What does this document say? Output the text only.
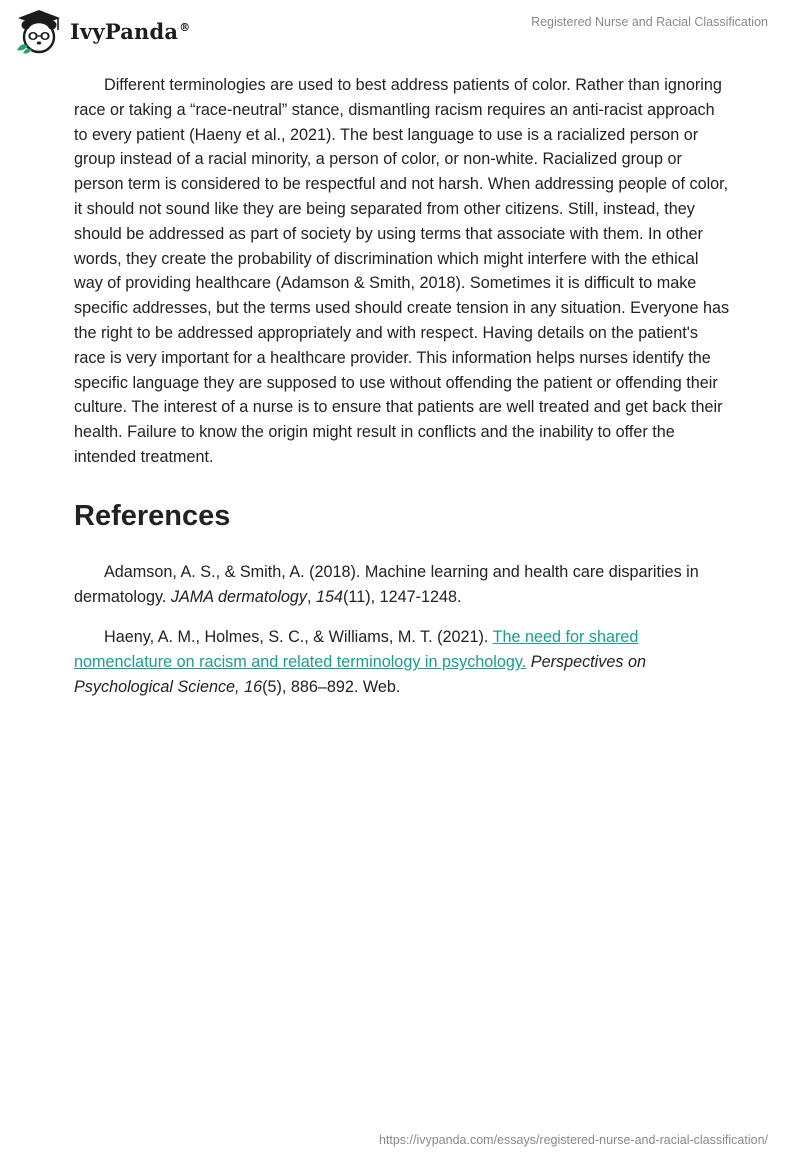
IvyPanda®	Registered Nurse and Racial Classification

Different terminologies are used to best address patients of color. Rather than ignoring race or taking a “race-neutral” stance, dismantling racism requires an anti-racist approach to every patient (Haeny et al., 2021). The best language to use is a racialized person or group instead of a racial minority, a person of color, or non-white. Racialized group or person term is considered to be respectful and not harsh. When addressing people of color, it should not sound like they are being separated from other citizens. Still, instead, they should be addressed as part of society by using terms that associate with them. In other words, they create the probability of discrimination which might interfere with the ethical way of providing healthcare (Adamson & Smith, 2018). Sometimes it is difficult to make specific addresses, but the terms used should create tension in any situation. Everyone has the right to be addressed appropriately and with respect. Having details on the patient's race is very important for a healthcare provider. This information helps nurses identify the specific language they are supposed to use without offending the patient or offending their culture. The interest of a nurse is to ensure that patients are well treated and get back their health. Failure to know the origin might result in conflicts and the inability to offer the intended treatment.

References

Adamson, A. S., & Smith, A. (2018). Machine learning and health care disparities in dermatology. JAMA dermatology, 154(11), 1247-1248.

Haeny, A. M., Holmes, S. C., & Williams, M. T. (2021). The need for shared nomenclature on racism and related terminology in psychology. Perspectives on Psychological Science, 16(5), 886–892. Web.

https://ivypanda.com/essays/registered-nurse-and-racial-classification/
